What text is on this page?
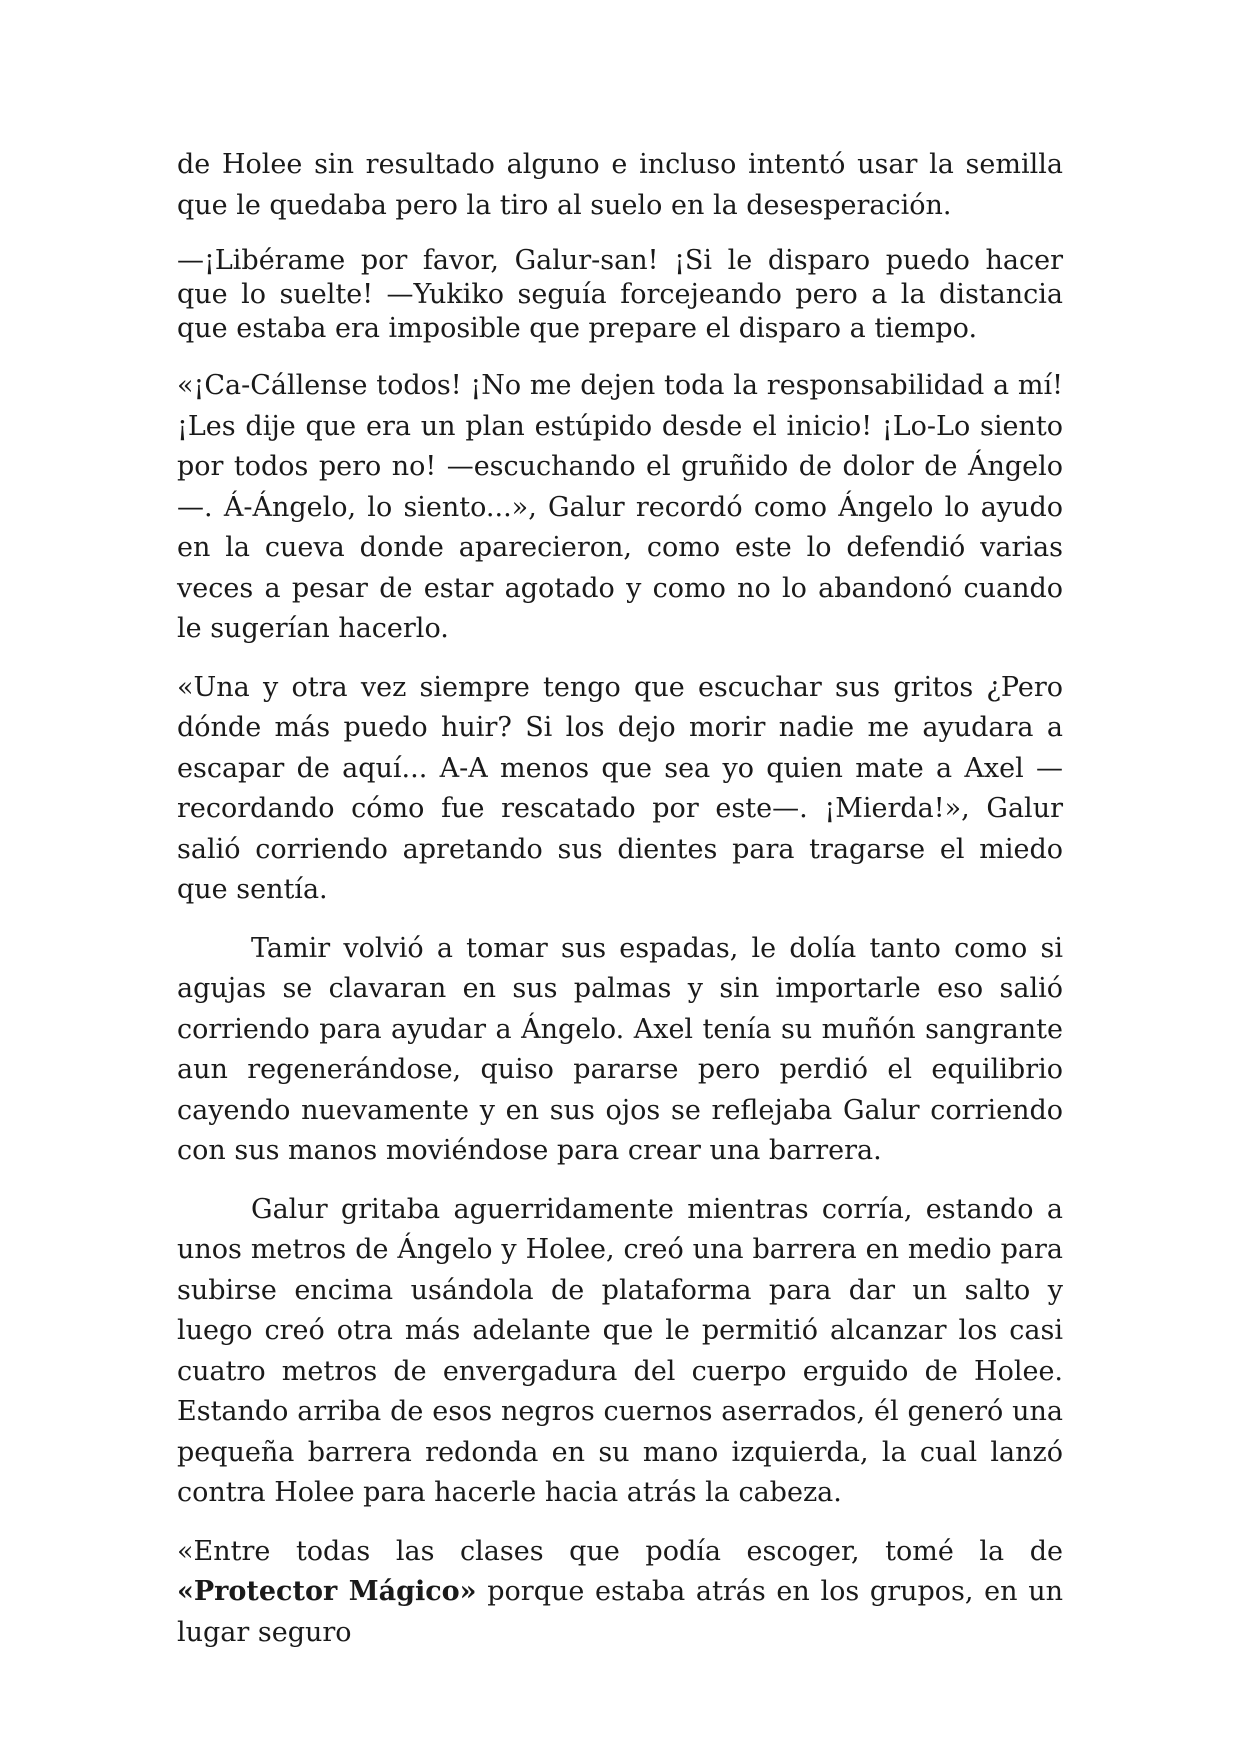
de Holee sin resultado alguno e incluso intentó usar la semilla que le quedaba pero la tiro al suelo en la desesperación.

—¡Libérame por favor, Galur-san! ¡Si le disparo puedo hacer que lo suelte! —Yukiko seguía forcejeando pero a la distancia que estaba era imposible que prepare el disparo a tiempo.

«¡Ca-Cállense todos! ¡No me dejen toda la responsabilidad a mí! ¡Les dije que era un plan estúpido desde el inicio! ¡Lo-Lo siento por todos pero no! —escuchando el gruñido de dolor de Ángelo—. Á-Ángelo, lo siento...», Galur recordó como Ángelo lo ayudo en la cueva donde aparecieron, como este lo defendió varias veces a pesar de estar agotado y como no lo abandonó cuando le sugerían hacerlo.

«Una y otra vez siempre tengo que escuchar sus gritos ¿Pero dónde más puedo huir? Si los dejo morir nadie me ayudara a escapar de aquí... A-A menos que sea yo quien mate a Axel —recordando cómo fue rescatado por este—. ¡Mierda!», Galur salió corriendo apretando sus dientes para tragarse el miedo que sentía.

Tamir volvió a tomar sus espadas, le dolía tanto como si agujas se clavaran en sus palmas y sin importarle eso salió corriendo para ayudar a Ángelo. Axel tenía su muñón sangrante aun regenerándose, quiso pararse pero perdió el equilibrio cayendo nuevamente y en sus ojos se reflejaba Galur corriendo con sus manos moviéndose para crear una barrera.

Galur gritaba aguerridamente mientras corría, estando a unos metros de Ángelo y Holee, creó una barrera en medio para subirse encima usándola de plataforma para dar un salto y luego creó otra más adelante que le permitió alcanzar los casi cuatro metros de envergadura del cuerpo erguido de Holee. Estando arriba de esos negros cuernos aserrados, él generó una pequeña barrera redonda en su mano izquierda, la cual lanzó contra Holee para hacerle hacia atrás la cabeza.

«Entre todas las clases que podía escoger, tomé la de «Protector Mágico» porque estaba atrás en los grupos, en un lugar seguro
